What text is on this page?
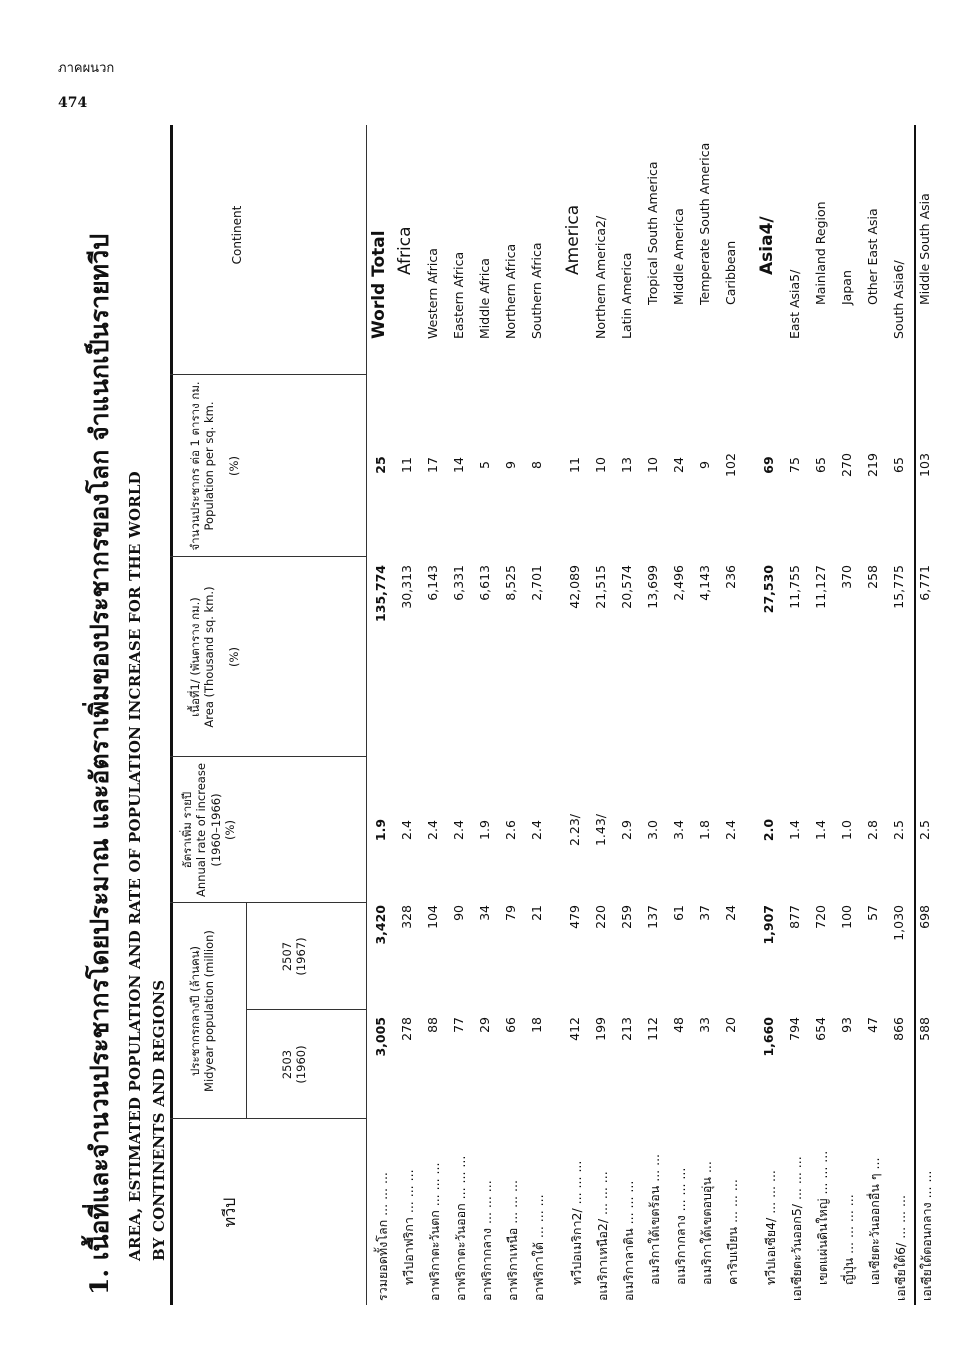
ภาคผนวก
474
1. เนื้อที่และจำนวนประชากรโดยประมาณ และอัตราเพิ่มของประชากรของโลก จำแนกเป็นรายทวีป AREA, ESTIMATED POPULATION AND RATE OF POPULATION INCREASE FOR THE WORLD BY CONTINENTS AND REGIONS	ทวีป
ประชากรกลางปี (ล้านคน) Midyear population (million)	2503 (1960)
2507 (1967)
อัตราเพิ่ม รายปี Annual rate of increase (1960–1966) (%)
เนื้อที่1/ (พันตาราง กม.) Area (Thousand sq. km.) (%)
จำนวนประชากร ต่อ 1 ตาราง กม. Population per sq. km. (%)
Continent
รวมยอดทั้งโลก ... ... ...
3,005
3,420
1.9
135,774
25
World Total
ทวีปอาฟริกา ... ... ...
278
328
2.4
30,313
11
Africa
อาฟริกาตะวันตก ... ... ...
88
104
2.4
6,143
17
Western Africa
อาฟริกาตะวันออก ... ... ...
77
90
2.4
6,331
14
Eastern Africa
อาฟริกากลาง ... ... ...
29
34
1.9
6,613
5
Middle Africa
อาฟริกาเหนือ ... ... ...
66
79
2.6
8,525
9
Northern Africa
อาฟริกาใต้ ... ... ...
18
21
2.4
2,701
8
Southern Africa
ทวีปอเมริกา2/ ... ... ...
412
479
2.23/
42,089
11
America
อเมริกาเหนือ2/ ... ... ...
199
220
1.43/
21,515
10
Northern America2/
อเมริกาลาติน ... ... ...
213
259
2.9
20,574
13
Latin America
อเมริกาใต้เขตร้อน ... ...
112
137
3.0
13,699
10
Tropical South America
อเมริกากลาง ... ... ...
48
61
3.4
2,496
24
Middle America
อเมริกาใต้เขตอบอุ่น ...
33
37
1.8
4,143
9
Temperate South America
คาริบเบียน ... ... ...
20
24
2.4
236
102
Caribbean
ทวีปเอเซีย4/ ... ... ...
1,660
1,907
2.0
27,530
69
Asia4/
เอเซียตะวันออก5/ ... ... ...
794
877
1.4
11,755
75
East Asia5/
เขตแผ่นดินใหญ่ ... ... ...
654
720
1.4
11,127
65
Mainland Region
ญี่ปุ่น ... ... ... ...
93
100
1.0
370
270
Japan
เอเซียตะวันออกอื่น ๆ ...
47
57
2.8
258
219
Other East Asia
เอเซียใต้6/ ... ... ...
866
1,030
2.5
15,775
65
South Asia6/
เอเซียใต้ตอนกลาง ... ...
588
698
2.5
6,771
103
Middle South Asia
